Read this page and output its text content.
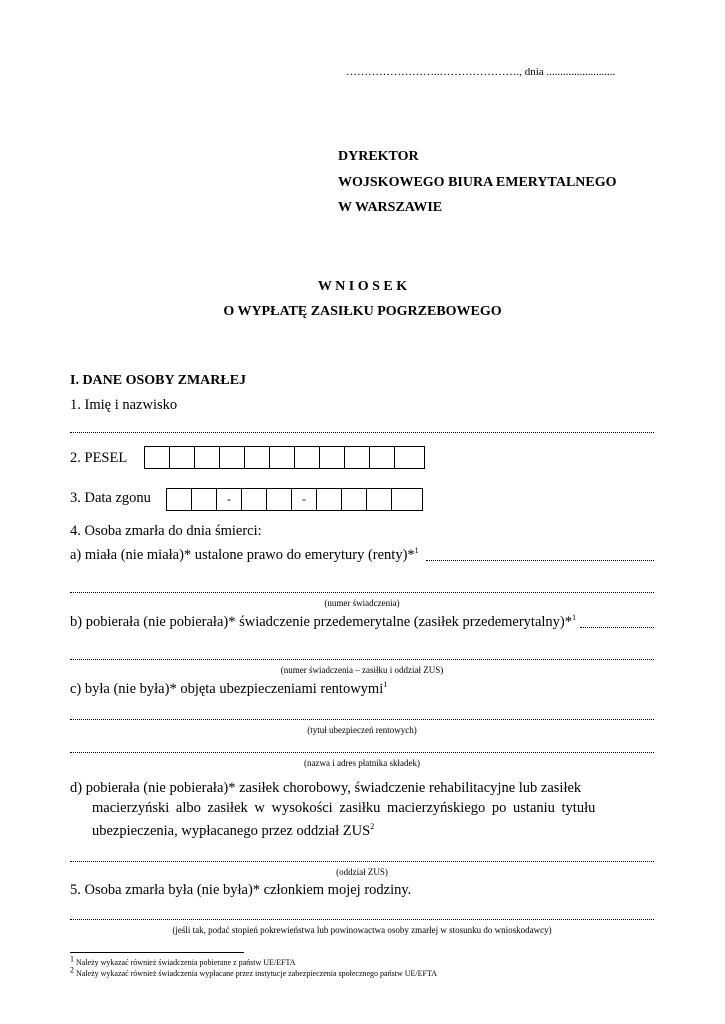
……………………..…………………., dnia .........................
DYREKTOR
WOJSKOWEGO BIURA EMERYTALNEGO
W WARSZAWIE
W N I O S E K
O WYPŁATĘ ZASIŁKU POGRZEBOWEGO
I. DANE OSOBY ZMARŁEJ
1. Imię i nazwisko
2. PESEL
3. Data zgonu	-	-
4. Osoba zmarła do dnia śmierci:
a) miała (nie miała)* ustalone prawo do emerytury (renty)*$^1$
(numer świadczenia)
b) pobierała (nie pobierała)* świadczenie przedemerytalne (zasiłek przedemerytalny)*$^1$
(numer świadczenia – zasiłku i oddział ZUS)
c) była (nie była)* objęta ubezpieczeniami rentowymi$^1$
(tytuł ubezpieczeń rentowych)
(nazwa i adres płatnika składek)
d) pobierała (nie pobierała)* zasiłek chorobowy, świadczenie rehabilitacyjne lub zasiłek
macierzyński albo zasiłek w wysokości zasiłku macierzyńskiego po ustaniu tytułu
ubezpieczenia, wypłacanego przez oddział ZUS$^2$
(oddział ZUS)
5. Osoba zmarła była (nie była)* członkiem mojej rodziny.
(jeśli tak, podać stopień pokrewieństwa lub powinowactwa osoby zmarłej w stosunku do wnioskodawcy)
$^1$ Należy wykazać również świadczenia pobierane z państw UE/EFTA
$^2$ Należy wykazać również świadczenia wypłacane przez instytucje zabezpieczenia społecznego państw UE/EFTA
